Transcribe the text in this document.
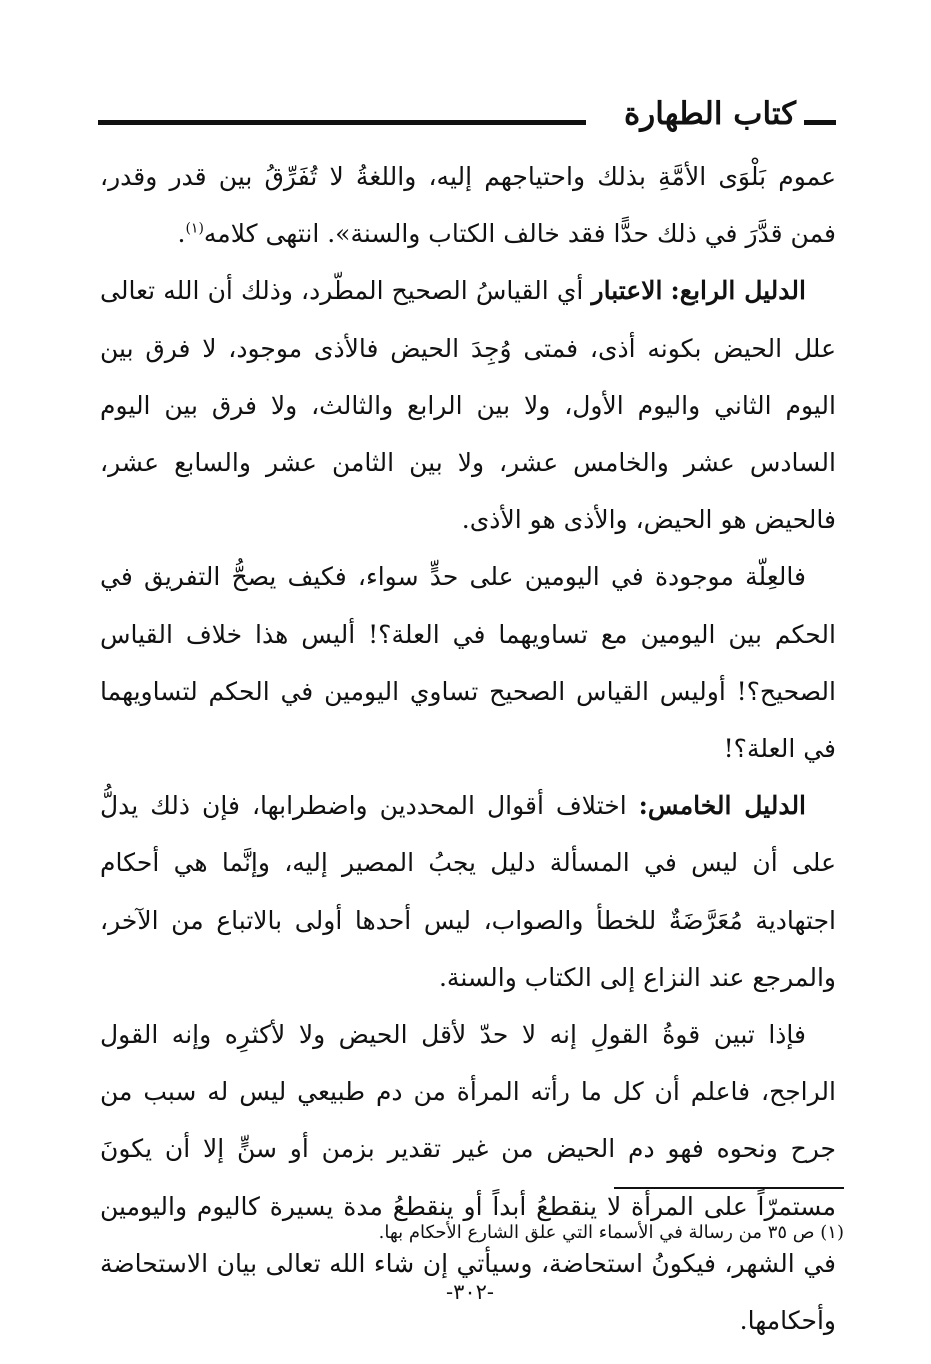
كتاب الطهارة

عموم بَلْوَى الأمَّةِ بذلك واحتياجهم إليه، واللغةُ لا تُفَرِّقُ بين قدر وقدر، فمن قدَّرَ في ذلك حدًّا فقد خالف الكتاب والسنة». انتهى كلامه$^{(١)}$.

الدليل الرابع: الاعتبار أي القياسُ الصحيح المطّرد، وذلك أن الله تعالى علل الحيض بكونه أذى، فمتى وُجِدَ الحيض فالأذى موجود، لا فرق بين اليوم الثاني واليوم الأول، ولا بين الرابع والثالث، ولا فرق بين اليوم السادس عشر والخامس عشر، ولا بين الثامن عشر والسابع عشر، فالحيض هو الحيض، والأذى هو الأذى.

فالعِلّة موجودة في اليومين على حدٍّ سواء، فكيف يصحُّ التفريق في الحكم بين اليومين مع تساويهما في العلة؟! أليس هذا خلاف القياس الصحيح؟! أوليس القياس الصحيح تساوي اليومين في الحكم لتساويهما في العلة؟!

الدليل الخامس: اختلاف أقوال المحددين واضطرابها، فإن ذلك يدلُّ على أن ليس في المسألة دليل يجبُ المصير إليه، وإنَّما هي أحكام اجتهادية مُعَرَّضَةٌ للخطأ والصواب، ليس أحدها أولى بالاتباع من الآخر، والمرجع عند النزاع إلى الكتاب والسنة.

فإذا تبين قوةُ القولِ إنه لا حدّ لأقل الحيض ولا لأكثرِه وإنه القول الراجح، فاعلم أن كل ما رأته المرأة من دم طبيعي ليس له سبب من جرح ونحوه فهو دم الحيض من غير تقدير بزمن أو سنٍّ إلا أن يكونَ مستمرّاً على المرأة لا ينقطعُ أبداً أو ينقطعُ مدة يسيرة كاليوم واليومين في الشهر، فيكونُ استحاضة، وسيأتي إن شاء الله تعالى بيان الاستحاضة وأحكامها.

(١) ص ٣٥ من رسالة في الأسماء التي علق الشارع الأحكام بها.
-٣٠٢-
